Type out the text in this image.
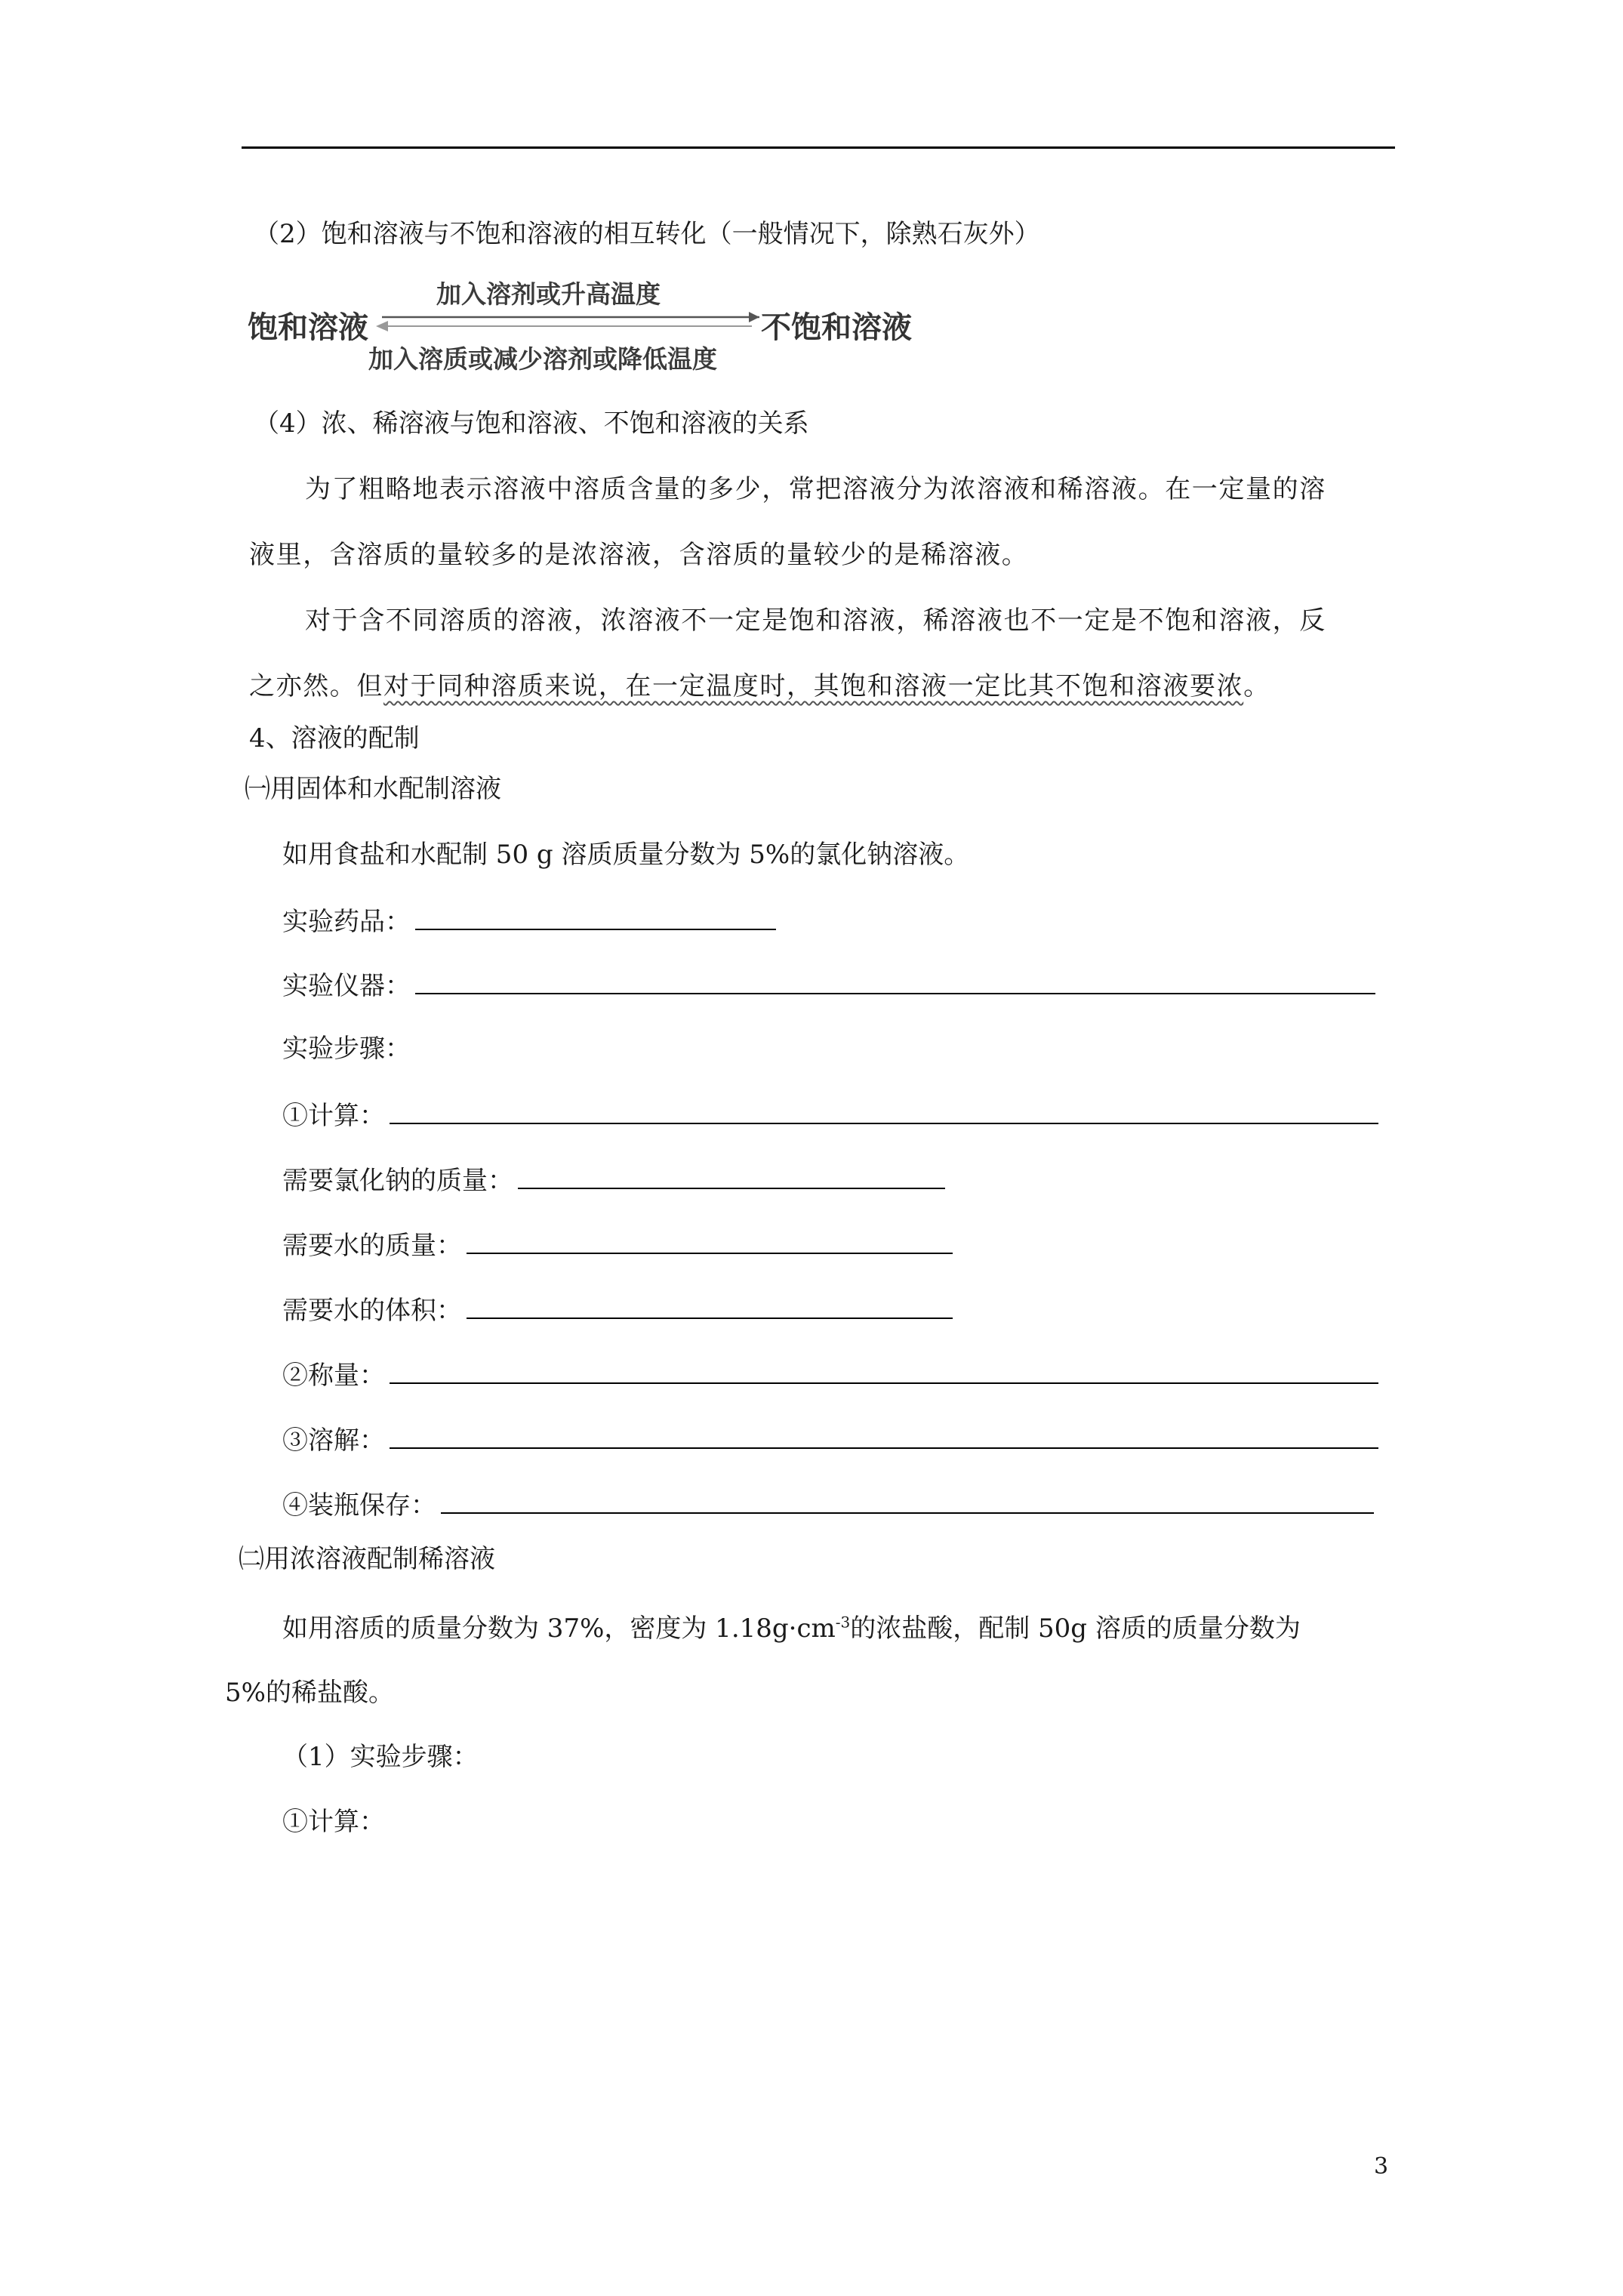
（2）饱和溶液与不饱和溶液的相互转化（一般情况下，除熟石灰外）
饱和溶液
加入溶剂或升高温度
不饱和溶液
加入溶质或减少溶剂或降低温度
（4）浓、稀溶液与饱和溶液、不饱和溶液的关系
为了粗略地表示溶液中溶质含量的多少，常把溶液分为浓溶液和稀溶液。在一定量的溶
液里，含溶质的量较多的是浓溶液，含溶质的量较少的是稀溶液。
对于含不同溶质的溶液，浓溶液不一定是饱和溶液，稀溶液也不一定是不饱和溶液，反
之亦然。但对于同种溶质来说，在一定温度时，其饱和溶液一定比其不饱和溶液要浓。
4、溶液的配制
㈠用固体和水配制溶液
如用食盐和水配制 50 g 溶质质量分数为 5%的氯化钠溶液。
实验药品：
实验仪器：
实验步骤：
①计算：
需要氯化钠的质量：
需要水的质量：
需要水的体积：
②称量：
③溶解：
④装瓶保存：
㈡用浓溶液配制稀溶液
如用溶质的质量分数为 37%，密度为 $1.18g\cdot cm^{-3}$的浓盐酸，配制 50g 溶质的质量分数为
5%的稀盐酸。
（1）实验步骤：
①计算：
3
